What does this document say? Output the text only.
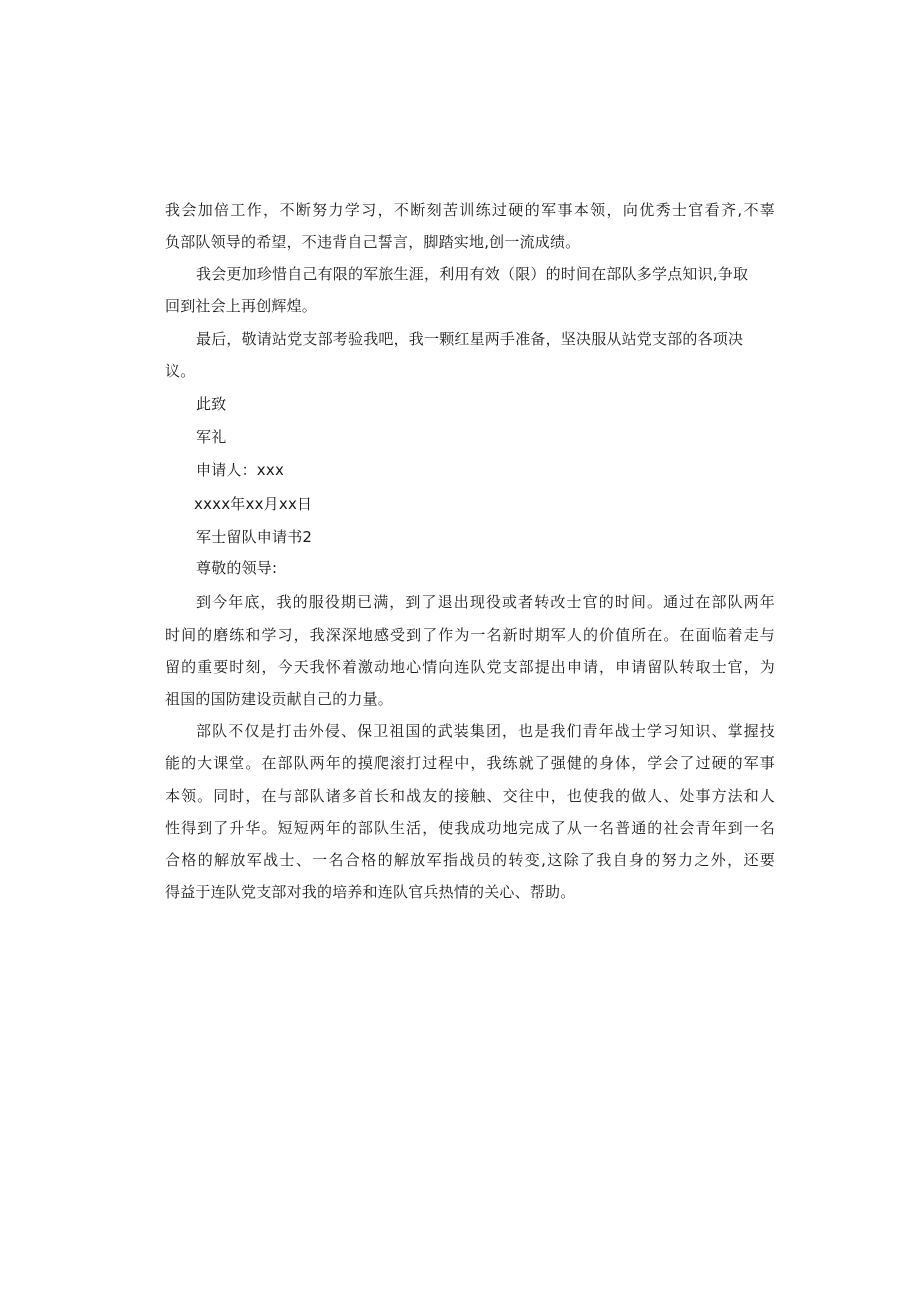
我会加倍工作，不断努力学习，不断刻苦训练过硬的军事本领，向优秀士官看齐,不辜
负部队领导的希望，不违背自己誓言，脚踏实地,创一流成绩。
我会更加珍惜自己有限的军旅生涯，利用有效（限）的时间在部队多学点知识,争取
回到社会上再创辉煌。
最后，敬请站党支部考验我吧，我一颗红星两手准备，坚决服从站党支部的各项决
议。
此致
军礼
申请人：xxx
xxxx年xx月xx日
军士留队申请书2
尊敬的领导:
到今年底，我的服役期已满，到了退出现役或者转改士官的时间。通过在部队两年
时间的磨练和学习，我深深地感受到了作为一名新时期军人的价值所在。在面临着走与
留的重要时刻，今天我怀着激动地心情向连队党支部提出申请，申请留队转取士官，为
祖国的国防建设贡献自己的力量。
部队不仅是打击外侵、保卫祖国的武装集团，也是我们青年战士学习知识、掌握技
能的大课堂。在部队两年的摸爬滚打过程中，我练就了强健的身体，学会了过硬的军事
本领。同时，在与部队诸多首长和战友的接触、交往中，也使我的做人、处事方法和人
性得到了升华。短短两年的部队生活，使我成功地完成了从一名普通的社会青年到一名
合格的解放军战士、一名合格的解放军指战员的转变,这除了我自身的努力之外，还要
得益于连队党支部对我的培养和连队官兵热情的关心、帮助。
